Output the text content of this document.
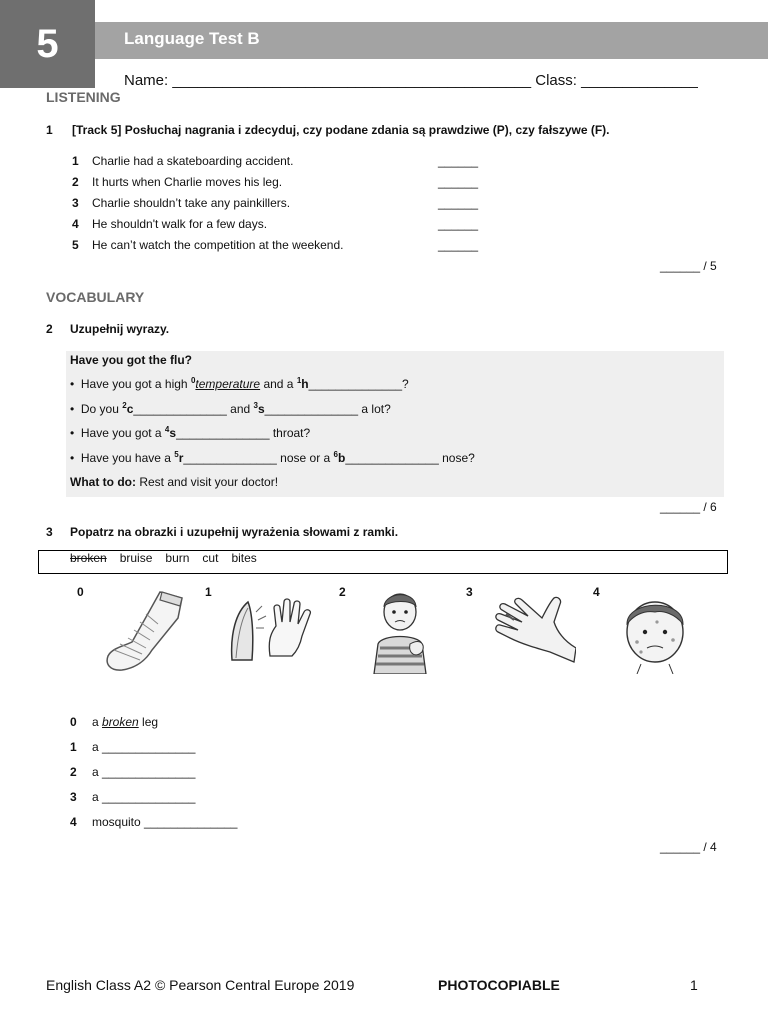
5	Language Test B
Name: ___________________________________________ Class: ______________
LISTENING
1 [Track 5] Posłuchaj nagrania i zdecyduj, czy podane zdania są prawdziwe (P), czy fałszywe (F).
1	Charlie had a skateboarding accident.	______
2	It hurts when Charlie moves his leg.	______
3	Charlie shouldn’t take any painkillers.	______
4	He shouldn't walk for a few days.	______
5	He can’t watch the competition at the weekend.	______
______ / 5
VOCABULARY
2 Uzupełnij wyrazy.
Have you got the flu?
•  Have you got a high $^0$temperature and a $^1$h______________?
•  Do you $^2$c______________ and $^3$s______________ a lot?
•  Have you got a $^4$s______________ throat?
•  Have you have a $^5$r______________ nose or a $^6$b______________ nose?
What to do: Rest and visit your doctor!
______ / 6
3 Popatrz na obrazki i uzupełnij wyrażenia słowami z ramki.
broken bruise burn cut bites
0	1	2	3	4
0 a broken leg
1 a ______________
2 a ______________
3 a ______________
4 mosquito ______________
______ / 4
English Class A2 © Pearson Central Europe 2019	PHOTOCOPIABLE	1
